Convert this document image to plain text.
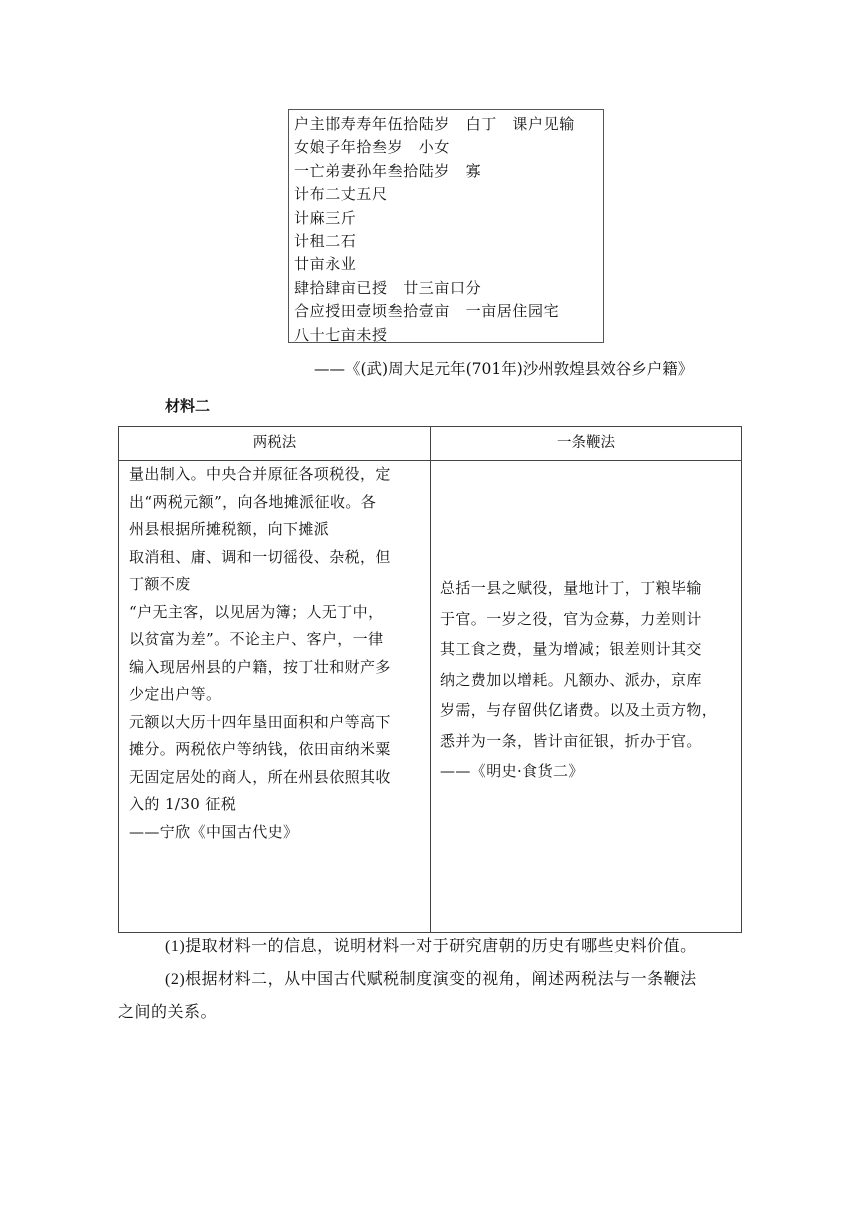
户主邯寿寿年伍拾陆岁　白丁　课户见输
女娘子年拾叁岁　小女
一亡弟妻孙年叁拾陆岁　寡
计布二丈五尺
计麻三斤
计租二石
廿亩永业
肆拾肆亩已授　廿三亩口分
合应授田壹顷叁拾壹亩　一亩居住园宅
八十七亩未授
——《(武)周大足元年(701年)沙州敦煌县效谷乡户籍》
材料二
两税法	一条鞭法
量出制入。中央合并原征各项税役，定
出“两税元额”，向各地摊派征收。各
州县根据所摊税额，向下摊派
取消租、庸、调和一切徭役、杂税，但
丁额不废
“户无主客，以见居为簿；人无丁中，
以贫富为差”。不论主户、客户，一律
编入现居州县的户籍，按丁壮和财产多
少定出户等。
元额以大历十四年垦田面积和户等高下
摊分。两税依户等纳钱，依田亩纳米粟
无固定居处的商人，所在州县依照其收
入的 1/30 征税
——宁欣《中国古代史》
总括一县之赋役，量地计丁，丁粮毕输
于官。一岁之役，官为佥募，力差则计
其工食之费，量为增减；银差则计其交
纳之费加以增耗。凡额办、派办，京库
岁需，与存留供亿诸费。以及土贡方物，
悉并为一条，皆计亩征银，折办于官。
——《明史·食货二》
(1)提取材料一的信息，说明材料一对于研究唐朝的历史有哪些史料价值。
(2)根据材料二，从中国古代赋税制度演变的视角，阐述两税法与一条鞭法
之间的关系。
